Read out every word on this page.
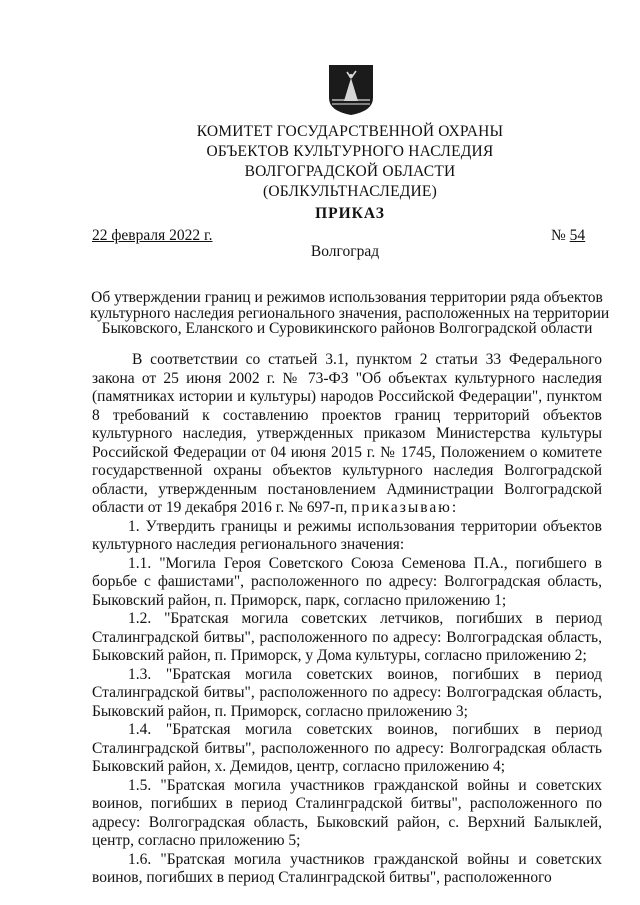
КОМИТЕТ ГОСУДАРСТВЕННОЙ ОХРАНЫ
ОБЪЕКТОВ КУЛЬТУРНОГО НАСЛЕДИЯ
ВОЛГОГРАДСКОЙ ОБЛАСТИ
(ОБЛКУЛЬТНАСЛЕДИЕ)
ПРИКАЗ
22 февраля 2022 г.	№ 54
Волгоград
Об утверждении границ и режимов использования территории ряда объектов
культурного наследия регионального значения, расположенных на территории
Быковского, Еланского и Суровикинского районов Волгоградской области

В соответствии со статьей 3.1, пунктом 2 статьи 33 Федерального закона от 25 июня 2002 г. № 73-ФЗ "Об объектах культурного наследия (памятниках истории и культуры) народов Российской Федерации", пунктом 8 требований к составлению проектов границ территорий объектов культурного наследия, утвержденных приказом Министерства культуры Российской Федерации от 04 июня 2015 г. № 1745, Положением о комитете государственной охраны объектов культурного наследия Волгоградской области, утвержденным постановлением Администрации Волгоградской области от 19 декабря 2016 г. № 697-п, приказываю:

1. Утвердить границы и режимы использования территории объектов культурного наследия регионального значения:

1.1. "Могила Героя Советского Союза Семенова П.А., погибшего в борьбе с фашистами", расположенного по адресу: Волгоградская область, Быковский район, п. Приморск, парк, согласно приложению 1;

1.2. "Братская могила советских летчиков, погибших в период Сталинградской битвы", расположенного по адресу: Волгоградская область, Быковский район, п. Приморск, у Дома культуры, согласно приложению 2;

1.3. "Братская могила советских воинов, погибших в период Сталинградской битвы", расположенного по адресу: Волгоградская область, Быковский район, п. Приморск, согласно приложению 3;

1.4. "Братская могила советских воинов, погибших в период Сталинградской битвы", расположенного по адресу: Волгоградская область Быковский район, х. Демидов, центр, согласно приложению 4;

1.5. "Братская могила участников гражданской войны и советских воинов, погибших в период Сталинградской битвы", расположенного по адресу: Волгоградская область, Быковский район, с. Верхний Балыклей, центр, согласно приложению 5;

1.6. "Братская могила участников гражданской войны и советских воинов, погибших в период Сталинградской битвы", расположенного
